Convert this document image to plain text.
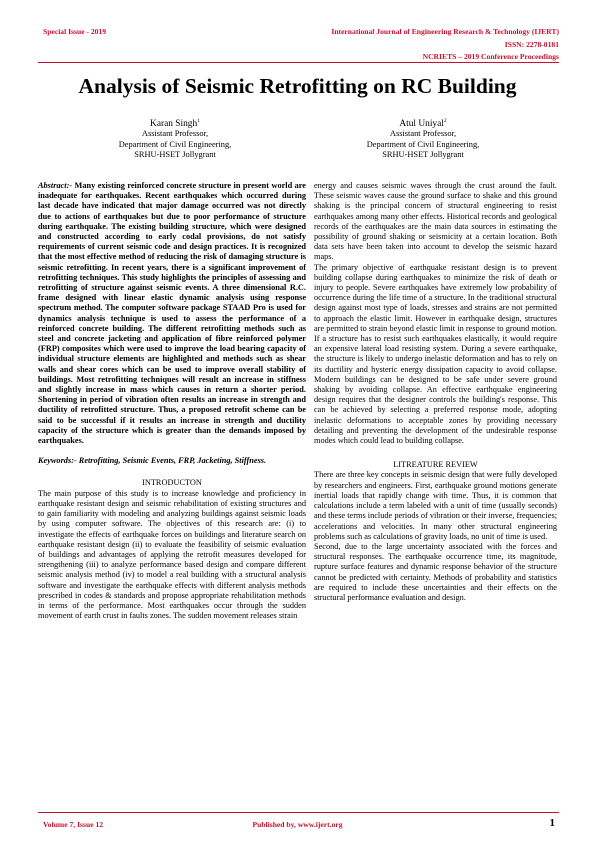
Special Issue - 2019	International Journal of Engineering Research & Technology (IJERT)
ISSN: 2278-0181
NCRIETS – 2019 Conference Proceedings
Analysis of Seismic Retrofitting on RC Building
Karan Singh$^1$
Assistant Professor,
Department of Civil Engineering,
SRHU-HSET Jollygrant
Atul Uniyal$^2$
Assistant Professor,
Department of Civil Engineering,
SRHU-HSET Jollygrant

Abstract:- Many existing reinforced concrete structure in present world are inadequate for earthquakes. Recent earthquakes which occurred during last decade have indicated that major damage occurred was not directly due to actions of earthquakes but due to poor performance of structure during earthquake. The existing building structure, which were designed and constructed according to early codal provisions, do not satisfy requirements of current seismic code and design practices. It is recognized that the most effective method of reducing the risk of damaging structure is seismic retrofitting. In recent years, there is a significant improvement of retrofitting techniques. This study highlights the principles of assessing and retrofitting of structure against seismic events. A three dimensional R.C. frame designed with linear elastic dynamic analysis using response spectrum method. The computer software package STAAD Pro is used for dynamics analysis technique is used to assess the performance of a reinforced concrete building. The different retrofitting methods such as steel and concrete jacketing and application of fibre reinforced polymer (FRP) composites which were used to improve the load bearing capacity of individual structure elements are highlighted and methods such as shear walls and shear cores which can be used to improve overall stability of buildings. Most retrofitting techniques will result an increase in stiffness and slightly increase in mass which causes in return a shorter period. Shortening in period of vibration often results an increase in strength and ductility of retrofitted structure. Thus, a proposed retrofit scheme can be said to be successful if it results an increase in strength and ductility capacity of the structure which is greater than the demands imposed by earthquakes.

Keywords:- Retrofitting, Seismic Events, FRP, Jacketing, Stiffness.

INTRODUCTON

The main purpose of this study is to increase knowledge and proficiency in earthquake resistant design and seismic rehabilitation of existing structures and to gain familiarity with modeling and analyzing buildings against seismic loads by using computer software. The objectives of this research are: (i) to investigate the effects of earthquake forces on buildings and literature search on earthquake resistant design (ii) to evaluate the feasibility of seismic evaluation of buildings and advantages of applying the retrofit measures developed for strengthening (iii) to analyze performance based design and compare different seismic analysis method (iv) to model a real building with a structural analysis software and investigate the earthquake effects with different analysis methods prescribed in codes & standards and propose appropriate rehabilitation methods in terms of the performance. Most earthquakes occur through the sudden movement of earth crust in faults zones. The sudden movement releases strain

energy and causes seismic waves through the crust around the fault. These seismic waves cause the ground surface to shake and this ground shaking is the principal concern of structural engineering to resist earthquakes among many other effects. Historical records and geological records of the earthquakes are the main data sources in estimating the possibility of ground shaking or seismicity at a certain location. Both data sets have been taken into account to develop the seismic hazard maps.

The primary objective of earthquake resistant design is to prevent building collapse during earthquakes to minimize the risk of death or injury to people. Severe earthquakes have extremely low probability of occurrence during the life time of a structure. In the traditional structural design against most type of loads, stresses and strains are not permitted to approach the elastic limit. However in earthquake design, structures are permitted to strain beyond elastic limit in response to ground motion. If a structure has to resist such earthquakes elastically, it would require an expensive lateral load resisting system. During a severe earthquake, the structure is likely to undergo inelastic deformation and has to rely on its ductility and hysteric energy dissipation capacity to avoid collapse. Modern buildings can be designed to be safe under severe ground shaking by avoiding collapse. An effective earthquake engineering design requires that the designer controls the building's response. This can be achieved by selecting a preferred response mode, adopting inelastic deformations to acceptable zones by providing necessary detailing and preventing the development of the undesirable response modes which could lead to building collapse.

LITREATURE REVIEW

There are three key concepts in seismic design that were fully developed by researchers and engineers. First, earthquake ground motions generate inertial loads that rapidly change with time. Thus, it is common that calculations include a term labeled with a unit of time (usually seconds) and these terms include periods of vibration or their inverse, frequencies; accelerations and velocities. In many other structural engineering problems such as calculations of gravity loads, no unit of time is used.

Second, due to the large uncertainty associated with the forces and structural responses. The earthquake occurrence time, its magnitude, rupture surface features and dynamic response behavior of the structure cannot be predicted with certainty. Methods of probability and statistics are required to include these uncertainties and their effects on the structural performance evaluation and design.

Volume 7, Issue 12	Published by, www.ijert.org	1
